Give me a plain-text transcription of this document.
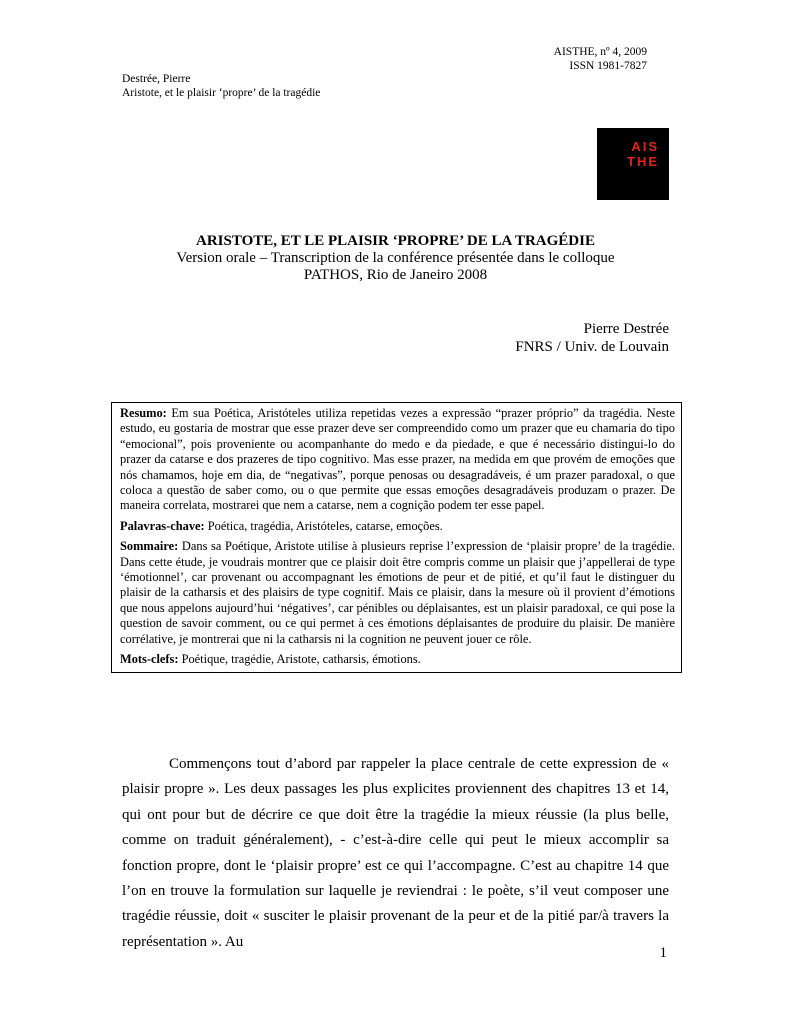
AISTHE, nº 4, 2009
ISSN 1981-7827
Destrée, Pierre
Aristote, et le plaisir ‘propre’ de la tragédie
AIS
THE
ARISTOTE, ET LE PLAISIR ‘PROPRE’ DE LA TRAGÉDIE
Version orale – Transcription de la conférence présentée dans le colloque
PATHOS, Rio de Janeiro 2008
Pierre Destrée
FNRS / Univ. de Louvain

Resumo: Em sua Poética, Aristóteles utiliza repetidas vezes a expressão “prazer próprio” da tragédia. Neste estudo, eu gostaria de mostrar que esse prazer deve ser compreendido como um prazer que eu chamaria do tipo “emocional”, pois proveniente ou acompanhante do medo e da piedade, e que é necessário distingui-lo do prazer da catarse e dos prazeres de tipo cognitivo. Mas esse prazer, na medida em que provém de emoções que nós chamamos, hoje em dia, de “negativas”, porque penosas ou desagradáveis, é um prazer paradoxal, o que coloca a questão de saber como, ou o que permite que essas emoções desagradáveis produzam o prazer. De maneira correlata, mostrarei que nem a catarse, nem a cognição podem ter esse papel.

Palavras-chave: Poética, tragédia, Aristóteles, catarse, emoções.

Sommaire: Dans sa Poétique, Aristote utilise à plusieurs reprise l’expression de ‘plaisir propre’ de la tragédie. Dans cette étude, je voudrais montrer que ce plaisir doit être compris comme un plaisir que j’appellerai de type ‘émotionnel’, car provenant ou accompagnant les émotions de peur et de pitié, et qu’il faut le distinguer du plaisir de la catharsis et des plaisirs de type cognitif. Mais ce plaisir, dans la mesure où il provient d’émotions que nous appelons aujourd’hui ‘négatives’, car pénibles ou déplaisantes, est un plaisir paradoxal, ce qui pose la question de savoir comment, ou ce qui permet à ces émotions déplaisantes de produire du plaisir. De manière corrélative, je montrerai que ni la catharsis ni la cognition ne peuvent jouer ce rôle.

Mots-clefs: Poétique, tragédie, Aristote, catharsis, émotions.

Commençons tout d’abord par rappeler la place centrale de cette expression de « plaisir propre ». Les deux passages les plus explicites proviennent des chapitres 13 et 14, qui ont pour but de décrire ce que doit être la tragédie la mieux réussie (la plus belle, comme on traduit généralement), - c’est-à-dire celle qui peut le mieux accomplir sa fonction propre, dont le ‘plaisir propre’ est ce qui l’accompagne. C’est au chapitre 14 que l’on en trouve la formulation sur laquelle je reviendrai : le poète, s’il veut composer une tragédie réussie, doit « susciter le plaisir provenant de la peur et de la pitié par/à travers la représentation ». Au

1
